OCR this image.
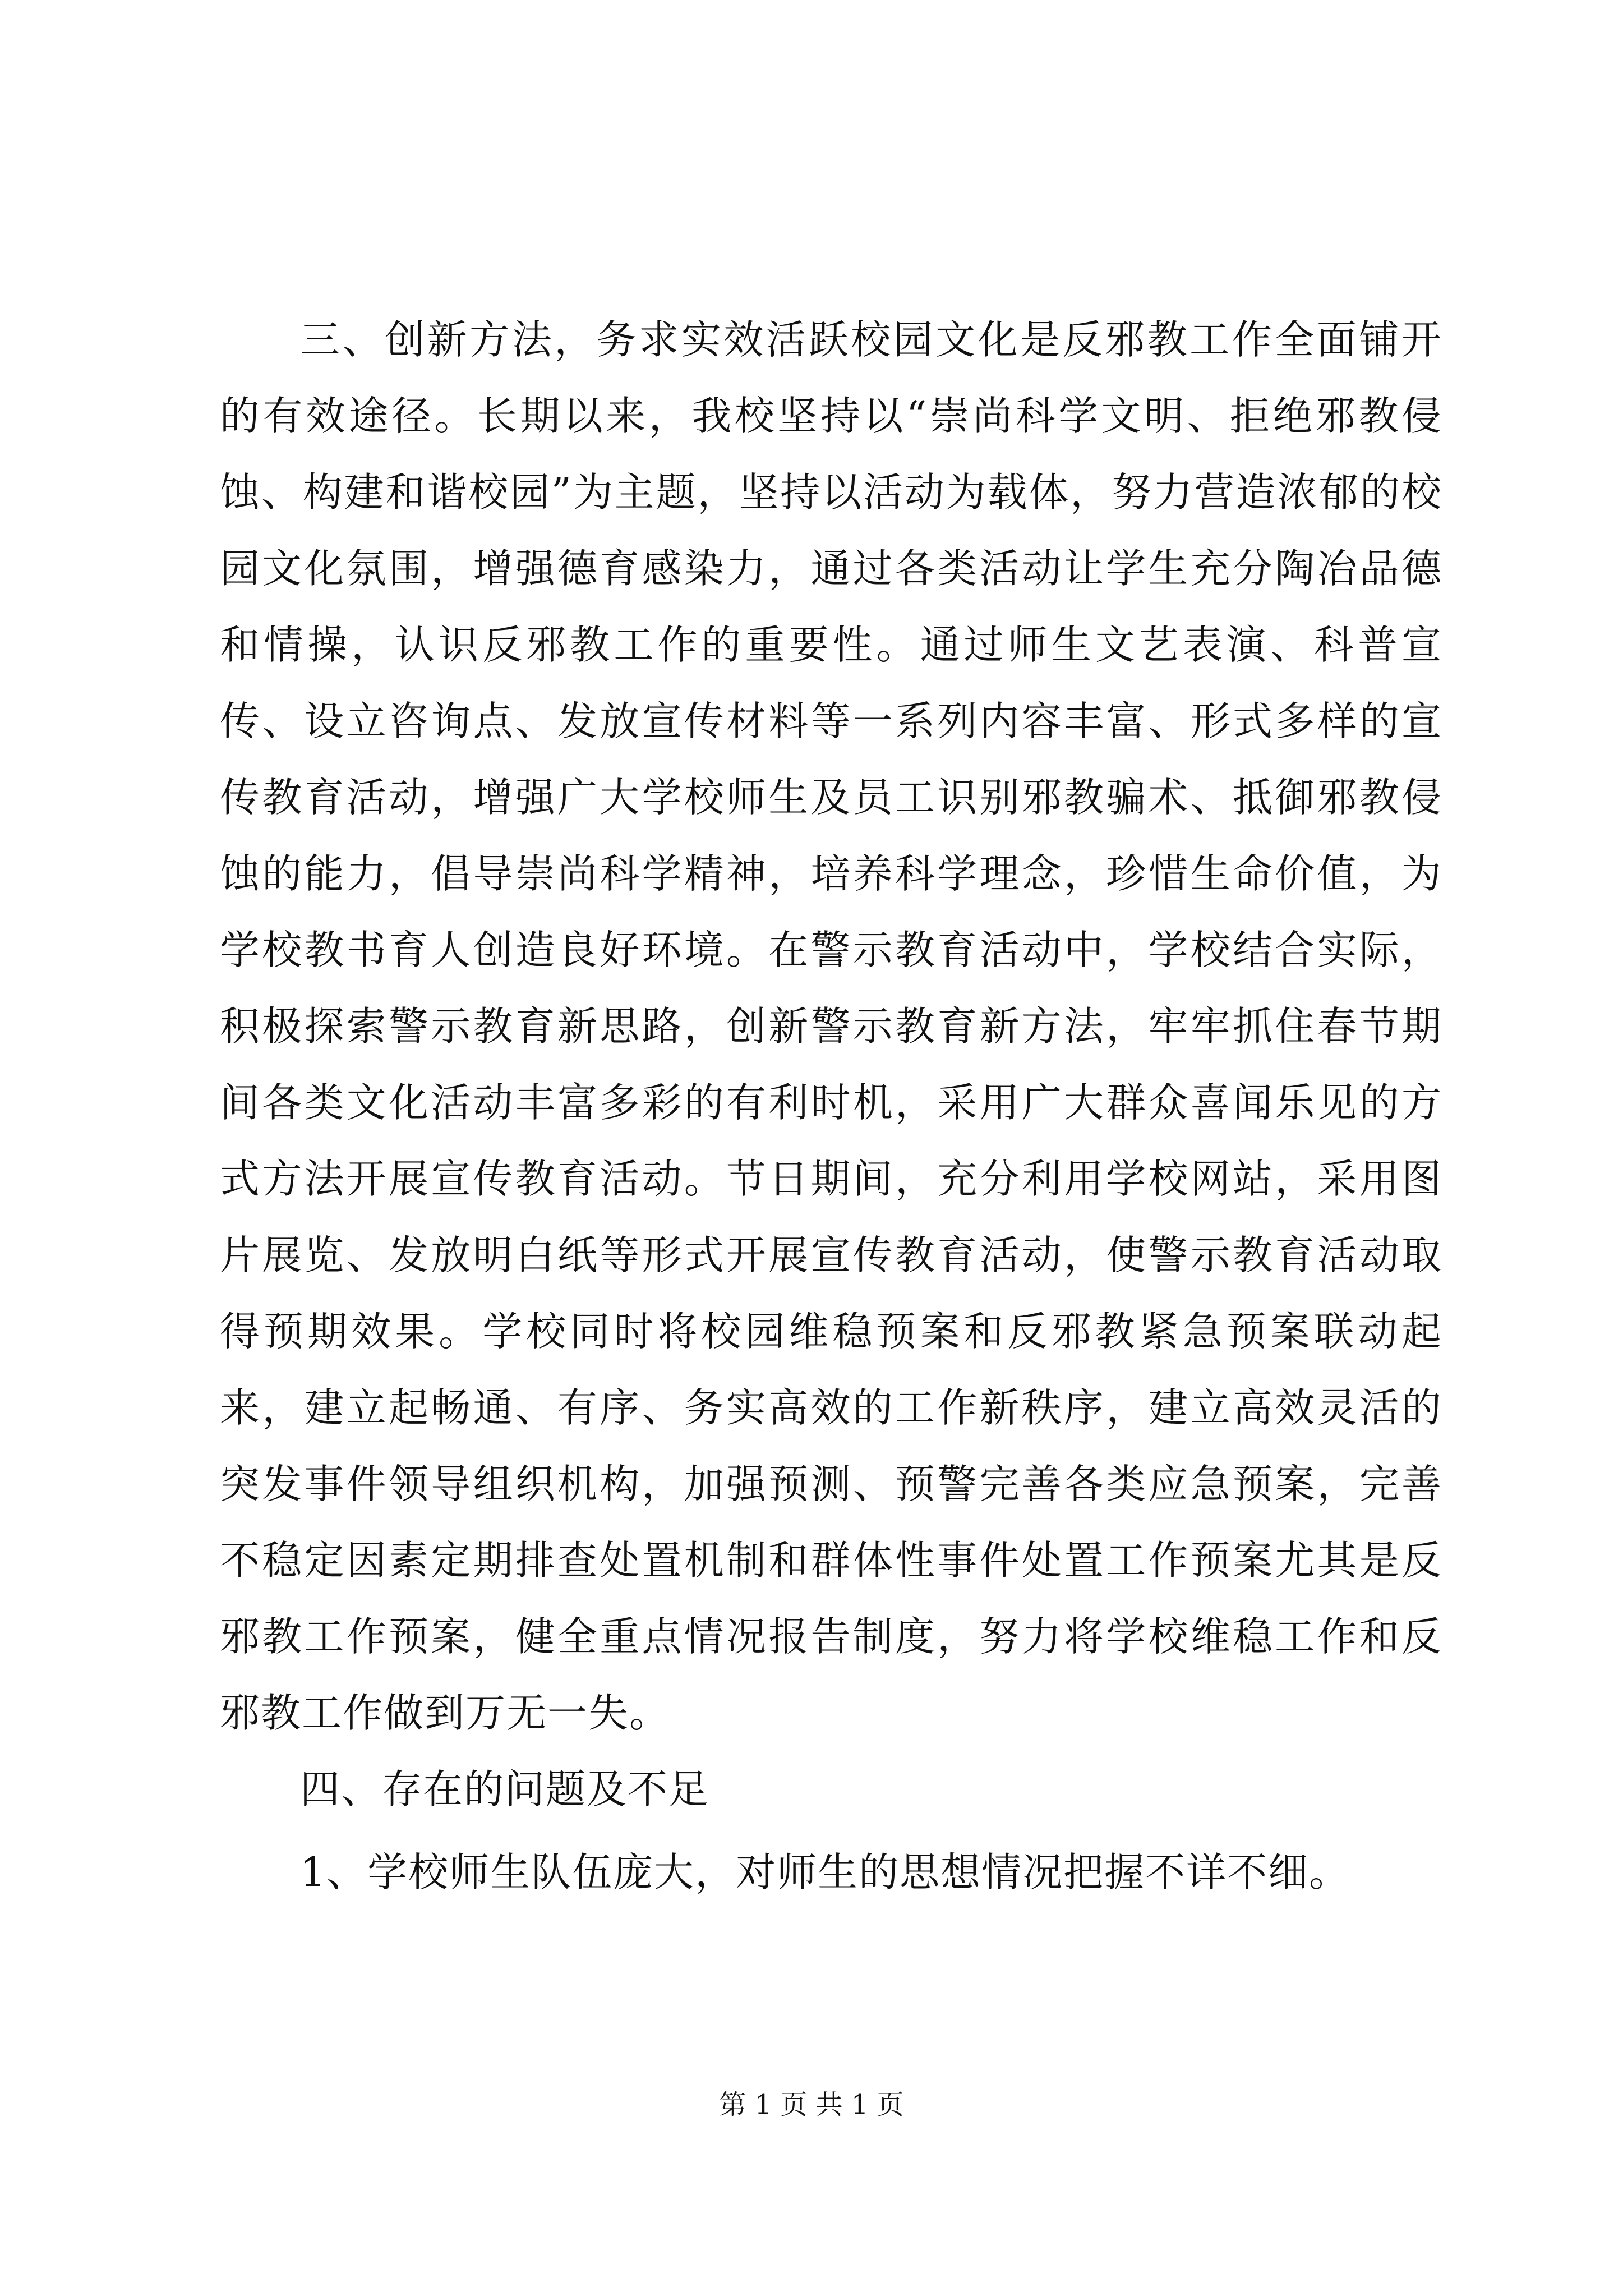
三、创新方法，务求实效活跃校园文化是反邪教工作全面铺开的有效途径。长期以来，我校坚持以“崇尚科学文明、拒绝邪教侵蚀、构建和谐校园”为主题，坚持以活动为载体，努力营造浓郁的校园文化氛围，增强德育感染力，通过各类活动让学生充分陶冶品德和情操，认识反邪教工作的重要性。通过师生文艺表演、科普宣传、设立咨询点、发放宣传材料等一系列内容丰富、形式多样的宣传教育活动，增强广大学校师生及员工识别邪教骗术、抵御邪教侵蚀的能力，倡导崇尚科学精神，培养科学理念，珍惜生命价值，为学校教书育人创造良好环境。在警示教育活动中，学校结合实际，积极探索警示教育新思路，创新警示教育新方法，牢牢抓住春节期间各类文化活动丰富多彩的有利时机，采用广大群众喜闻乐见的方式方法开展宣传教育活动。节日期间，充分利用学校网站，采用图片展览、发放明白纸等形式开展宣传教育活动，使警示教育活动取得预期效果。学校同时将校园维稳预案和反邪教紧急预案联动起来，建立起畅通、有序、务实高效的工作新秩序，建立高效灵活的突发事件领导组织机构，加强预测、预警完善各类应急预案，完善不稳定因素定期排查处置机制和群体性事件处置工作预案尤其是反邪教工作预案，健全重点情况报告制度，努力将学校维稳工作和反邪教工作做到万无一失。

四、存在的问题及不足

1、学校师生队伍庞大，对师生的思想情况把握不详不细。

第 1 页 共 1 页
